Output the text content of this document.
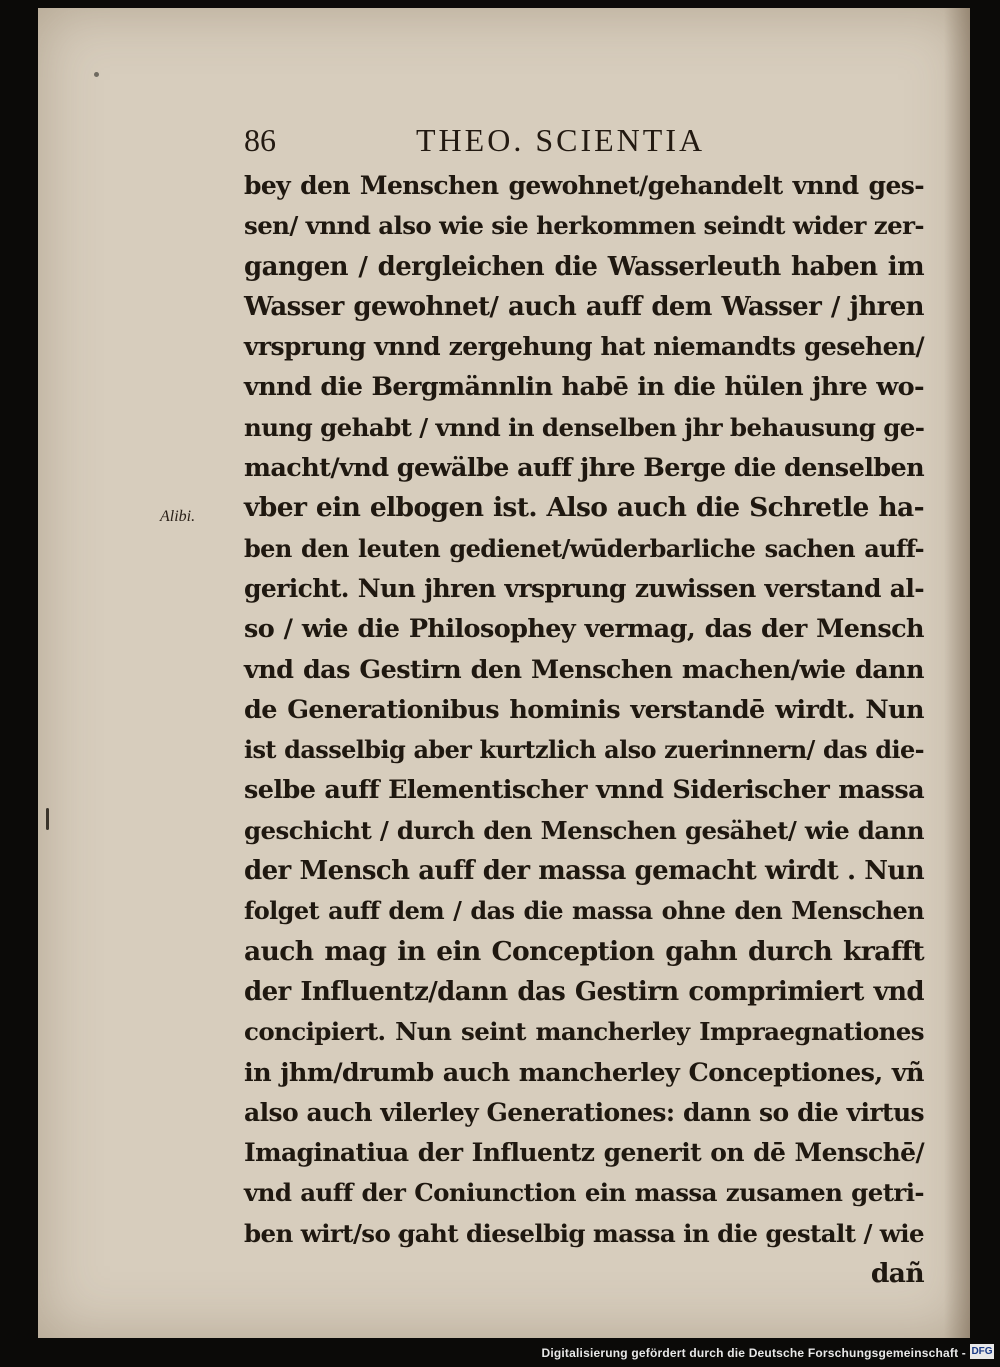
86	THEO. SCIENTIA
Alibi.
bey den Menschen gewohnet/gehandelt vnnd ges-
sen/ vnnd also wie sie herkommen seindt wider zer-
gangen / dergleichen die Wasserleuth haben im
Wasser gewohnet/ auch auff dem Wasser / jhren
vrsprung vnnd zergehung hat niemandts gesehen/
vnnd die Bergmännlin habē in die hülen jhre wo-
nung gehabt / vnnd in denselben jhr behausung ge-
macht/vnd gewälbe auff jhre Berge die denselben
vber ein elbogen ist. Also auch die Schretle ha-
ben den leuten gedienet/wūderbarliche sachen auff-
gericht. Nun jhren vrsprung zuwissen verstand al-
so / wie die Philosophey vermag, das der Mensch
vnd das Gestirn den Menschen machen/wie dann
de Generationibus hominis verstandē wirdt. Nun
ist dasselbig aber kurtzlich also zuerinnern/ das die-
selbe auff Elementischer vnnd Siderischer massa
geschicht / durch den Menschen gesähet/ wie dann
der Mensch auff der massa gemacht wirdt . Nun
folget auff dem / das die massa ohne den Menschen
auch mag in ein Conception gahn durch krafft
der Influentz/dann das Gestirn comprimiert vnd
concipiert. Nun seint mancherley Impraegnationes
in jhm/drumb auch mancherley Conceptiones, vñ
also auch vilerley Generationes: dann so die virtus
Imaginatiua der Influentz generit on dē Menschē/
vnd auff der Coniunction ein massa zusamen getri-
ben wirt/so gaht dieselbig massa in die gestalt / wie
dañ
Digitalisierung gefördert durch die Deutsche Forschungsgemeinschaft - DFG
